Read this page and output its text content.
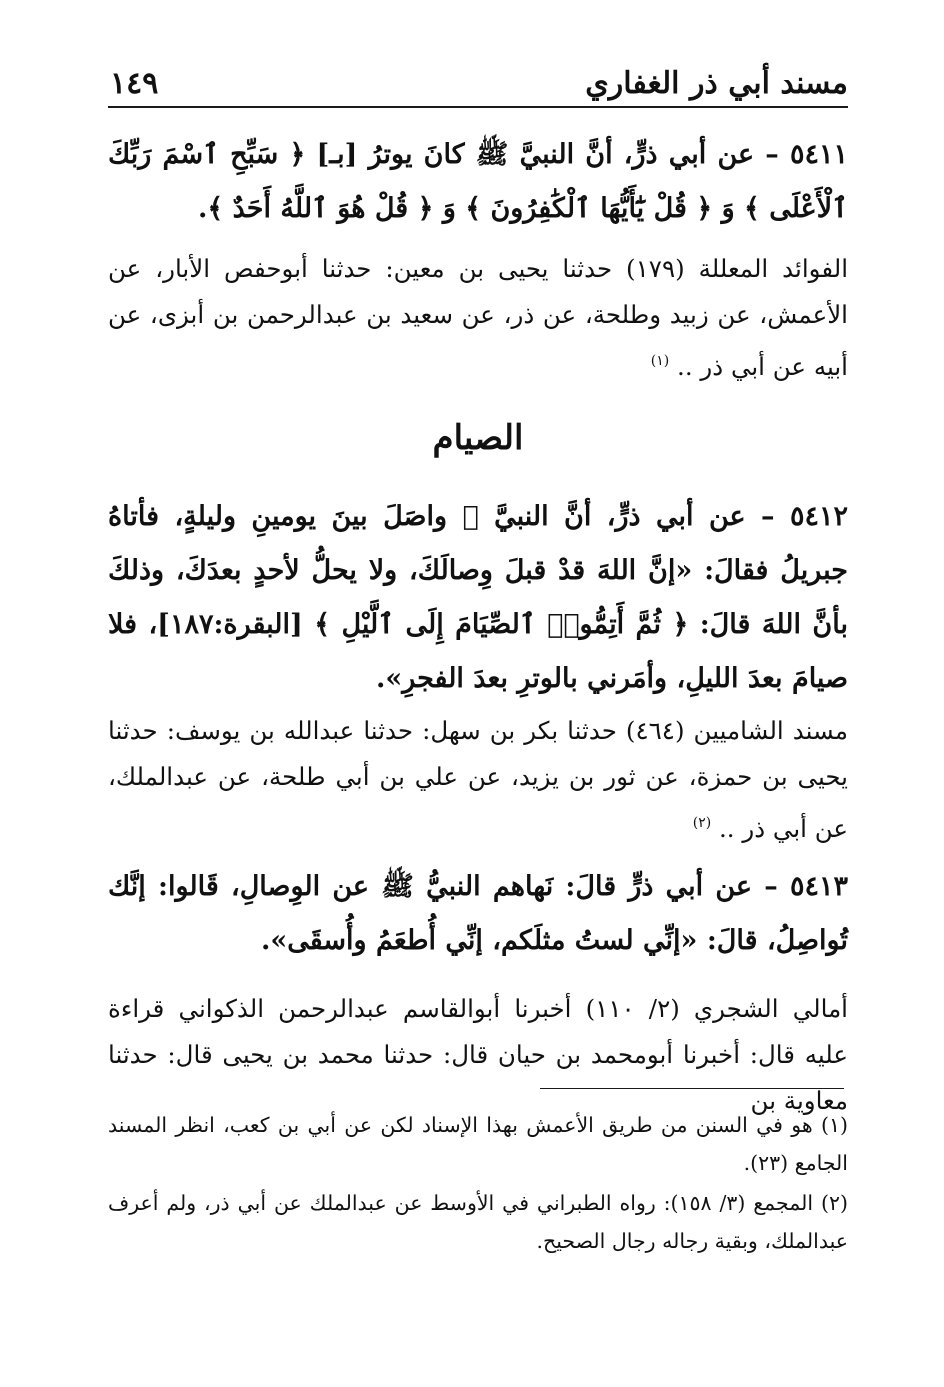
مسند أبي ذر الغفاري
١٤٩
٥٤١١ – عن أبي ذرٍّ، أنَّ النبيَّ ﷺ كانَ يوترُ [بـ] ﴿ سَبِّحِ ٱسْمَ رَبِّكَ ٱلْأَعْلَى ﴾ وَ ﴿ قُلْ يَٰٓأَيُّهَا ٱلْكَٰفِرُونَ ﴾ وَ ﴿ قُلْ هُوَ ٱللَّهُ أَحَدٌ ﴾.
الفوائد المعللة (١٧٩) حدثنا يحيى بن معين: حدثنا أبوحفص الأبار، عن الأعمش، عن زبيد وطلحة، عن ذر، عن سعيد بن عبدالرحمن بن أبزى، عن أبيه عن أبي ذر .. $^{(١)}$
الصيام
٥٤١٢ – عن أبي ذرٍّ، أنَّ النبيَّ ﷺ واصَلَ بينَ يومينِ وليلةٍ، فأتاهُ جبريلُ فقالَ: «إنَّ اللهَ قدْ قبلَ وِصالَكَ، ولا يحلُّ لأحدٍ بعدَكَ، وذلكَ بأنَّ اللهَ قالَ: ﴿ ثُمَّ أَتِمُّوا۟ ٱلصِّيَامَ إِلَى ٱلَّيْلِ ﴾ [البقرة:١٨٧]، فلا صيامَ بعدَ الليلِ، وأمَرني بالوترِ بعدَ الفجرِ».
مسند الشاميين (٤٦٤) حدثنا بكر بن سهل: حدثنا عبدالله بن يوسف: حدثنا يحيى بن حمزة، عن ثور بن يزيد، عن علي بن أبي طلحة، عن عبدالملك، عن أبي ذر .. $^{(٢)}$
٥٤١٣ – عن أبي ذرٍّ قالَ: نَهاهم النبيُّ ﷺ عن الوِصالِ، قَالوا: إنَّك تُواصِلُ، قالَ: «إنِّي لستُ مثلَكم، إنِّي أُطعَمُ وأُسقَى».
أمالي الشجري (٢/ ١١٠) أخبرنا أبوالقاسم عبدالرحمن الذكواني قراءة عليه قال: أخبرنا أبومحمد بن حيان قال: حدثنا محمد بن يحيى قال: حدثنا معاوية بن
(١) هو في السنن من طريق الأعمش بهذا الإسناد لكن عن أبي بن كعب، انظر المسند الجامع (٢٣).
(٢) المجمع (٣/ ١٥٨): رواه الطبراني في الأوسط عن عبدالملك عن أبي ذر، ولم أعرف عبدالملك، وبقية رجاله رجال الصحيح.
